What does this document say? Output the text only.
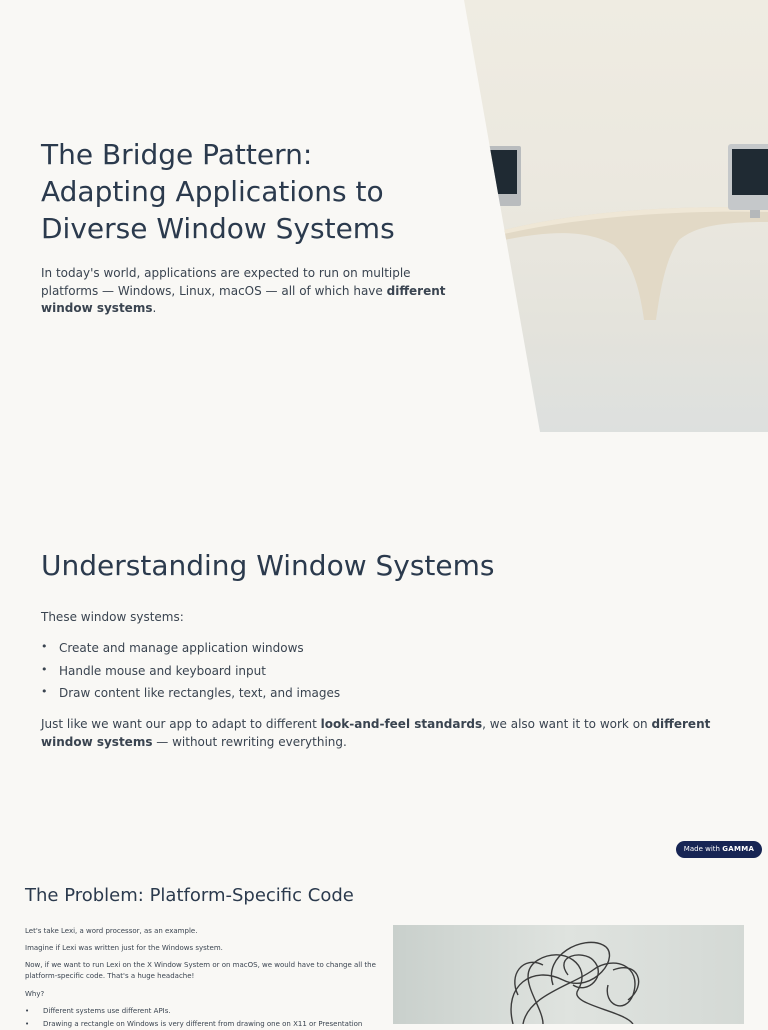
The Bridge Pattern:
Adapting Applications to
Diverse Window Systems

In today's world, applications are expected to run on multiple platforms — Windows, Linux, macOS — all of which have different window systems.

Understanding Window Systems

These window systems:

• Create and manage application windows
• Handle mouse and keyboard input
• Draw content like rectangles, text, and images

Just like we want our app to adapt to different look-and-feel standards, we also want it to work on different window systems — without rewriting everything.

Made with GAMMA
The Problem: Platform-Specific Code

Let's take Lexi, a word processor, as an example.

Imagine if Lexi was written just for the Windows system.

Now, if we want to run Lexi on the X Window System or on macOS, we would have to change all the platform-specific code. That's a huge headache!

Why?

• Different systems use different APIs.

• Drawing a rectangle on Windows is very different from drawing one on X11 or Presentation
